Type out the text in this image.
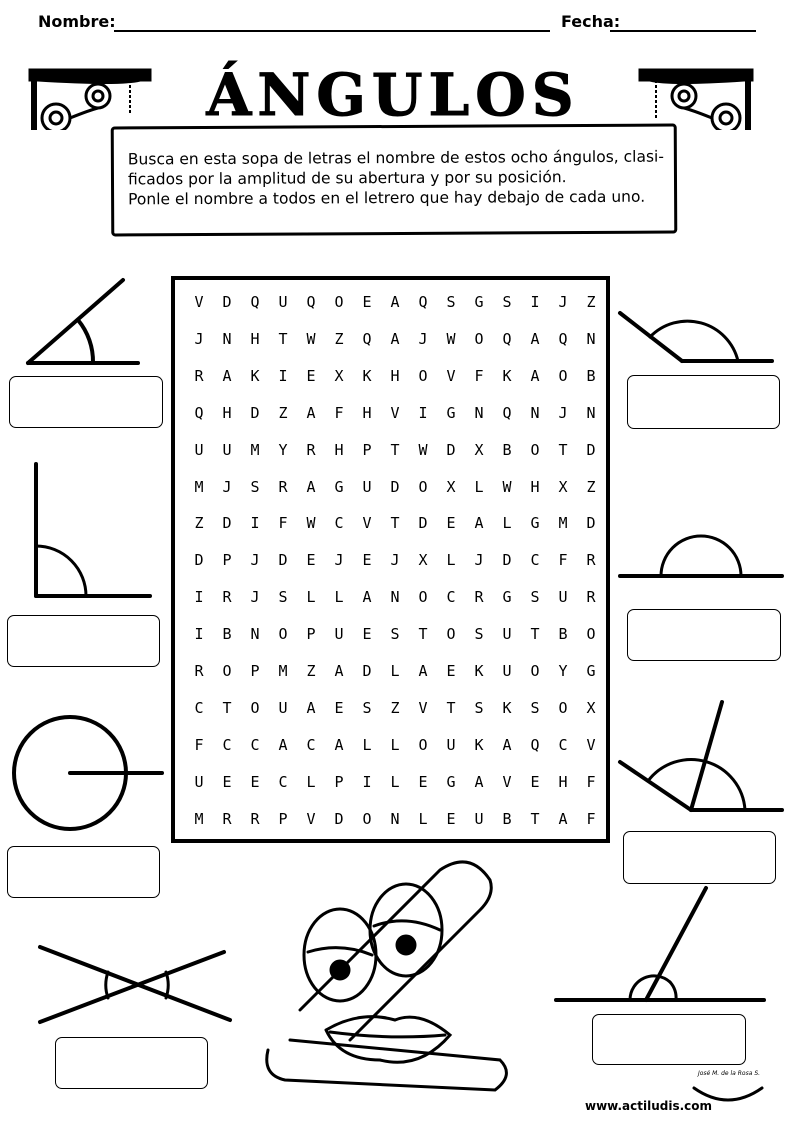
Nombre:	Fecha:
ÁNGULOS
Busca en esta sopa de letras el nombre de estos ocho ángulos, clasi-
ficados por la amplitud de su abertura y por su posición.
Ponle el nombre a todos en el letrero que hay debajo de cada uno.
V	D	Q	U	Q	O	E	A	Q	S	G	S	I	J	Z
J	N	H	T	W	Z	Q	A	J	W	O	Q	A	Q	N
R	A	K	I	E	X	K	H	O	V	F	K	A	O	B
Q	H	D	Z	A	F	H	V	I	G	N	Q	N	J	N
U	U	M	Y	R	H	P	T	W	D	X	B	O	T	D
M	J	S	R	A	G	U	D	O	X	L	W	H	X	Z
Z	D	I	F	W	C	V	T	D	E	A	L	G	M	D
D	P	J	D	E	J	E	J	X	L	J	D	C	F	R
I	R	J	S	L	L	A	N	O	C	R	G	S	U	R
I	B	N	O	P	U	E	S	T	O	S	U	T	B	O
R	O	P	M	Z	A	D	L	A	E	K	U	O	Y	G
C	T	O	U	A	E	S	Z	V	T	S	K	S	O	X
F	C	C	A	C	A	L	L	O	U	K	A	Q	C	V
U	E	E	C	L	P	I	L	E	G	A	V	E	H	F
M	R	R	P	V	D	O	N	L	E	U	B	T	A	F
www.actiludis.com
José M. de la Rosa S.
